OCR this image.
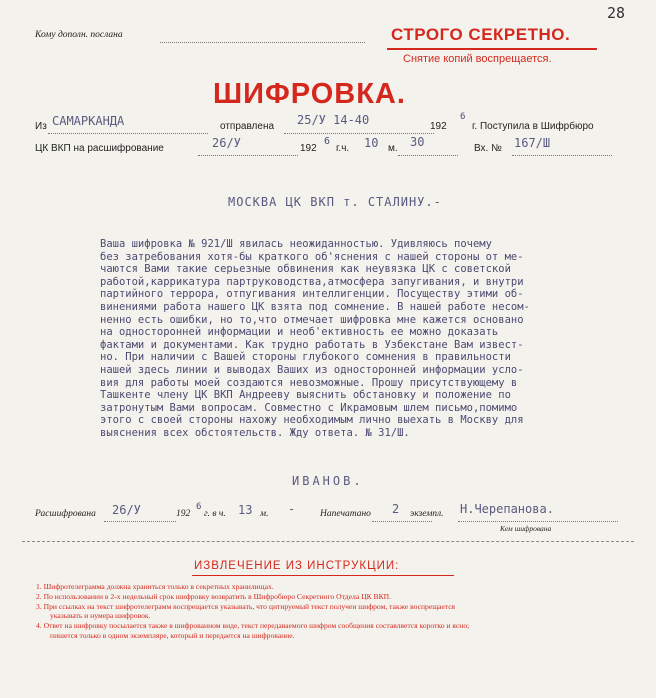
28
Кому дополн. послана	СТРОГО СЕКРЕТНО.
Снятие копий воспрещается.
ШИФРОВКА.
Из САМАРКАНДА	отправлена 25/У 14-40	192
6
г. Поступила в Шифрбюро
ЦК ВКП на расшифрование	26/У	192
6
г.ч. 10 м. 30	Вх. № 167/Ш
МОСКВА ЦК ВКП т. СТАЛИНУ.-
Ваша шифровка № 921/Ш явилась неожиданностью. Удивляюсь почему
без затребования хотя-бы краткого об'яснения с нашей стороны от ме-
чаются Вами такие серьезные обвинения как неувязка ЦК с советской
работой,каррикатура партруководства,атмосфера запугивания, и внутри
партийного террора, отпугивания интеллигенции. Посуществу этими об-
винениями работа нашего ЦК взята под сомнение. В нашей работе несом-
ненно есть ошибки, но то,что отмечает шифровка мне кажется основано
на односторонней информации и необ'ективность ее можно доказать
фактами и документами. Как трудно работать в Узбекстане Вам извест-
но. При наличии с Вашей стороны глубокого сомнения в правильности
нашей здесь линии и выводах Ваших из односторонней информации усло-
вия для работы моей создаются невозможные. Прошу присутствующему в
Ташкенте члену ЦК ВКП Андрееву выяснить обстановку и положение по
затронутым Вами вопросам. Совместно с Икрамовым шлем письмо,помимо
этого с своей стороны нахожу необходимым лично выехать в Москву для
выяснения всех обстоятельств. Жду ответа. № 31/Ш.
ИВАНОВ.
Расшифрована 26/У	192
6
г. в ч. 13 м. -	Напечатано 2 экземпл. Н.Черепанова.
Кем шифрована
ИЗВЛЕЧЕНИЕ ИЗ ИНСТРУКЦИИ:
1. Шифротелеграмма должна храниться только в секретных хранилищах.
2. По использовании в 2-х недельный срок шифровку возвратить в Шифробюро Секретного Отдела ЦК ВКП.
3. При ссылках на текст шифротелеграмм воспрещается указывать, что цитируемый текст получен шифром, также воспрещается
указывать и нумера шифровок.
4. Ответ на шифровку посылается также в шифрованном виде, текст передаваемого шифром сообщения составляется коротко и ясно;
пишется только в одном экземпляре, который и передается на шифрование.
